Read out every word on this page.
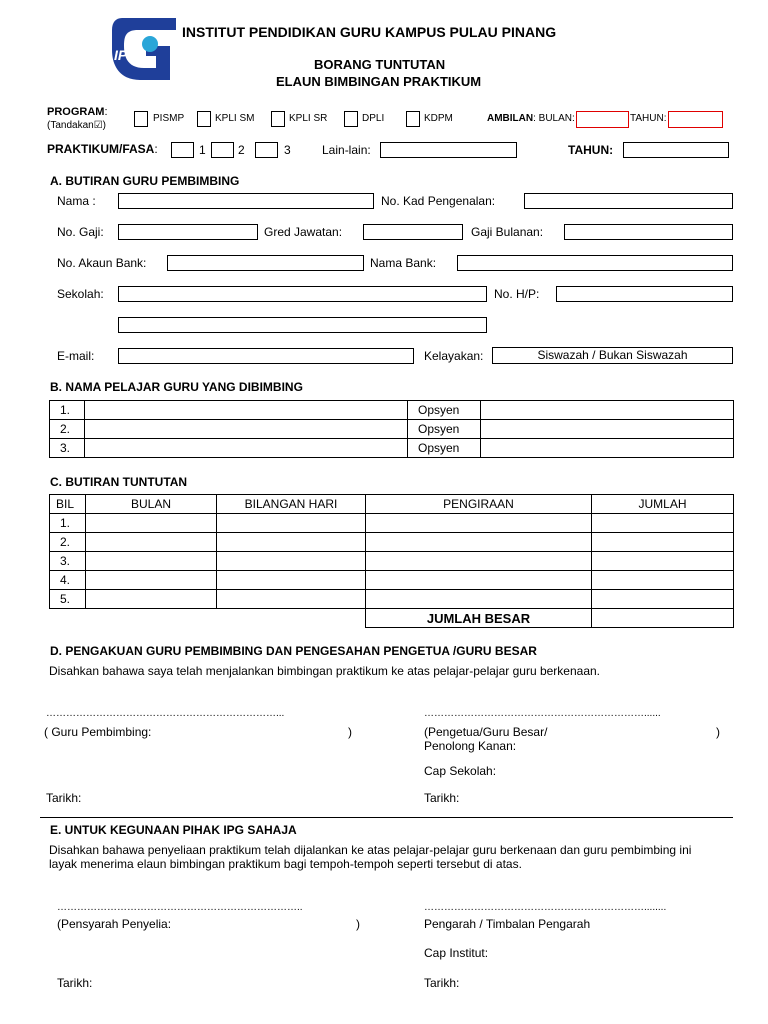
IPG
INSTITUT PENDIDIKAN GURU KAMPUS PULAU PINANG
BORANG TUNTUTAN
ELAUN BIMBINGAN PRAKTIKUM
PROGRAM:
(Tandakan☑)
PISMP	KPLI SM	KPLI SR	DPLI	KDPM	AMBILAN: BULAN:	TAHUN:
PRAKTIKUM/FASA:	1	2	3	Lain-lain:	TAHUN:
A. BUTIRAN GURU PEMBIMBING
Nama :	No. Kad Pengenalan:
No. Gaji:	Gred Jawatan:	Gaji Bulanan:
No. Akaun Bank:	Nama Bank:
Sekolah:	No. H/P:
E-mail:	Kelayakan:	Siswazah / Bukan Siswazah
B. NAMA PELAJAR GURU YANG DIBIMBING
1.		Opsyen	
2.		Opsyen	
3.		Opsyen	
C. BUTIRAN TUNTUTAN
BIL	BULAN	BILANGAN HARI	PENGIRAAN	JUMLAH
1.				
2.				
3.				
4.				
5.				
			JUMLAH BESAR	
D. PENGAKUAN GURU PEMBIMBING DAN PENGESAHAN PENGETUA /GURU BESAR
Disahkan bahawa saya telah menjalankan bimbingan praktikum ke atas pelajar-pelajar guru berkenaan.
……………………………………………………………...	…………………………………………………………......
( Guru Pembimbing:	)	(Pengetua/Guru Besar/	)
Penolong Kanan:
Cap Sekolah:
Tarikh:	Tarikh:
E. UNTUK KEGUNAAN PIHAK IPG SAHAJA
Disahkan bahawa penyeliaan praktikum telah dijalankan ke atas pelajar-pelajar guru berkenaan dan guru pembimbing ini
layak menerima elaun bimbingan praktikum bagi tempoh-tempoh seperti tersebut di atas.
………………………………………………………………..	…………………………………………………………........
(Pensyarah Penyelia:	)	Pengarah / Timbalan Pengarah
Cap Institut:
Tarikh:	Tarikh:
